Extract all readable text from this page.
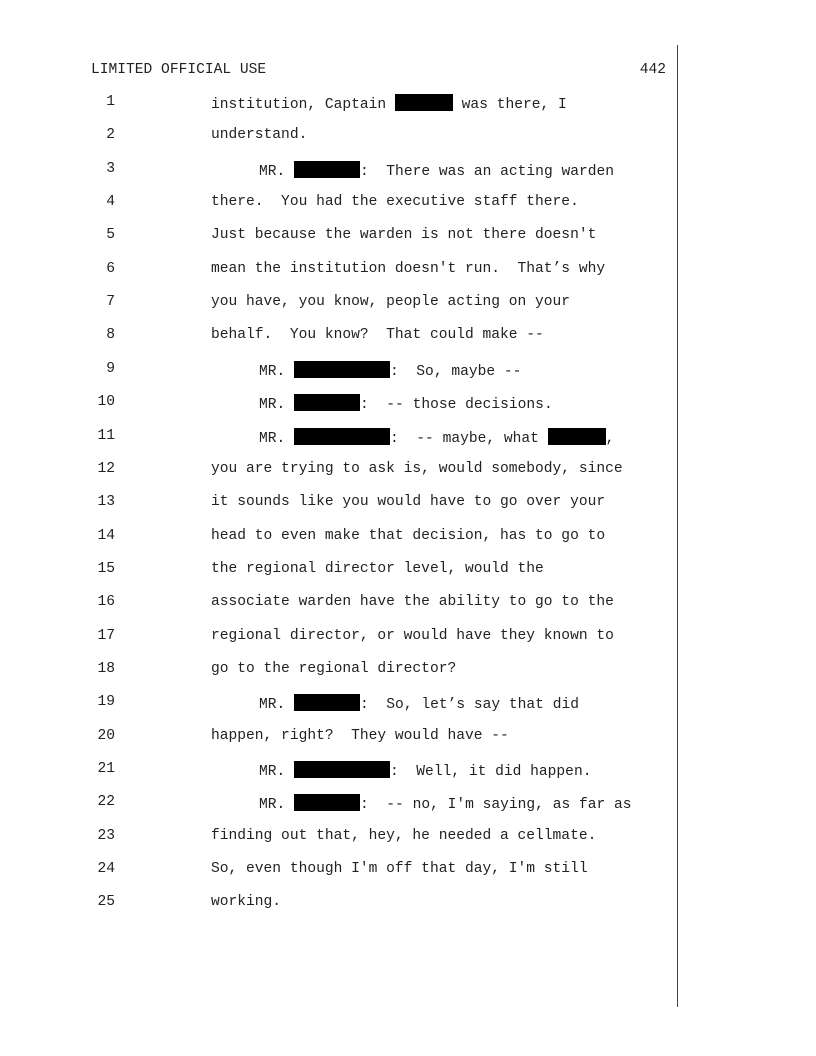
LIMITED OFFICIAL USE	442
1	institution, Captain	was there, I
2	understand.
3	MR.	:  There was an acting warden
4	there.  You had the executive staff there.
5	Just because the warden is not there doesn't
6	mean the institution doesn't run.  That’s why
7	you have, you know, people acting on your
8	behalf.  You know?  That could make --
9	MR.	:  So, maybe --
10	MR.	:  -- those decisions.
11	MR.	:  -- maybe, what	,
12	you are trying to ask is, would somebody, since
13	it sounds like you would have to go over your
14	head to even make that decision, has to go to
15	the regional director level, would the
16	associate warden have the ability to go to the
17	regional director, or would have they known to
18	go to the regional director?
19	MR.	:  So, let’s say that did
20	happen, right?  They would have --
21	MR.	:  Well, it did happen.
22	MR.	:  -- no, I'm saying, as far as
23	finding out that, hey, he needed a cellmate.
24	So, even though I'm off that day, I'm still
25	working.
